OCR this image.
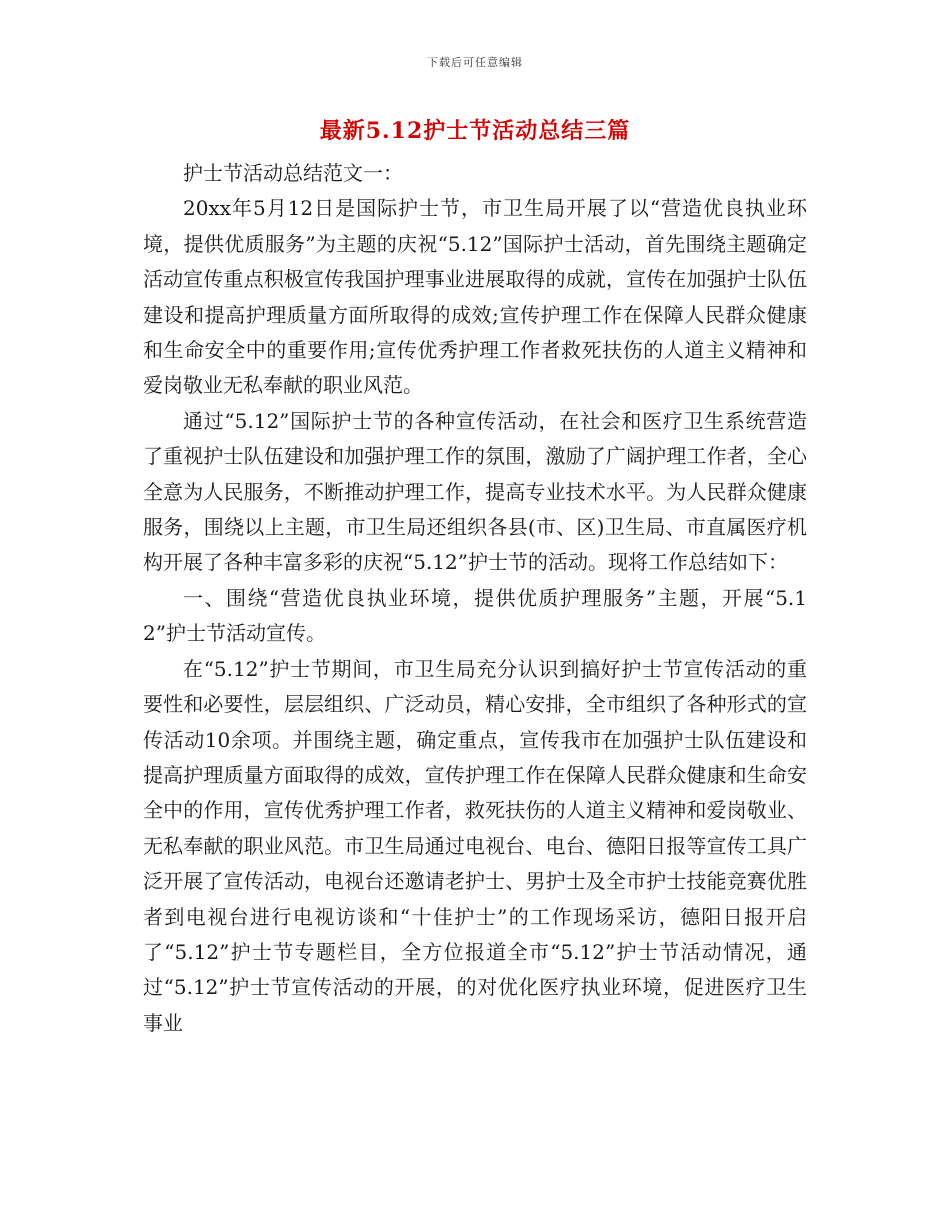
下载后可任意编辑
最新5.12护士节活动总结三篇

护士节活动总结范文一：

20xx年5月12日是国际护士节，市卫生局开展了以“营造优良执业环境，提供优质服务”为主题的庆祝“5.12”国际护士活动，首先围绕主题确定活动宣传重点积极宣传我国护理事业进展取得的成就，宣传在加强护士队伍建设和提高护理质量方面所取得的成效;宣传护理工作在保障人民群众健康和生命安全中的重要作用;宣传优秀护理工作者救死扶伤的人道主义精神和爱岗敬业无私奉献的职业风范。

通过“5.12”国际护士节的各种宣传活动，在社会和医疗卫生系统营造了重视护士队伍建设和加强护理工作的氛围，激励了广阔护理工作者，全心全意为人民服务，不断推动护理工作，提高专业技术水平。为人民群众健康服务，围绕以上主题，市卫生局还组织各县(市、区)卫生局、市直属医疗机构开展了各种丰富多彩的庆祝“5.12”护士节的活动。现将工作总结如下：

一、围绕“营造优良执业环境，提供优质护理服务”主题，开展“5.12”护士节活动宣传。

在“5.12”护士节期间，市卫生局充分认识到搞好护士节宣传活动的重要性和必要性，层层组织、广泛动员，精心安排，全市组织了各种形式的宣传活动10余项。并围绕主题，确定重点，宣传我市在加强护士队伍建设和提高护理质量方面取得的成效，宣传护理工作在保障人民群众健康和生命安全中的作用，宣传优秀护理工作者，救死扶伤的人道主义精神和爱岗敬业、无私奉献的职业风范。市卫生局通过电视台、电台、德阳日报等宣传工具广泛开展了宣传活动，电视台还邀请老护士、男护士及全市护士技能竞赛优胜者到电视台进行电视访谈和“十佳护士”的工作现场采访，德阳日报开启了“5.12”护士节专题栏目，全方位报道全市“5.12”护士节活动情况，通过“5.12”护士节宣传活动的开展，的对优化医疗执业环境，促进医疗卫生事业
